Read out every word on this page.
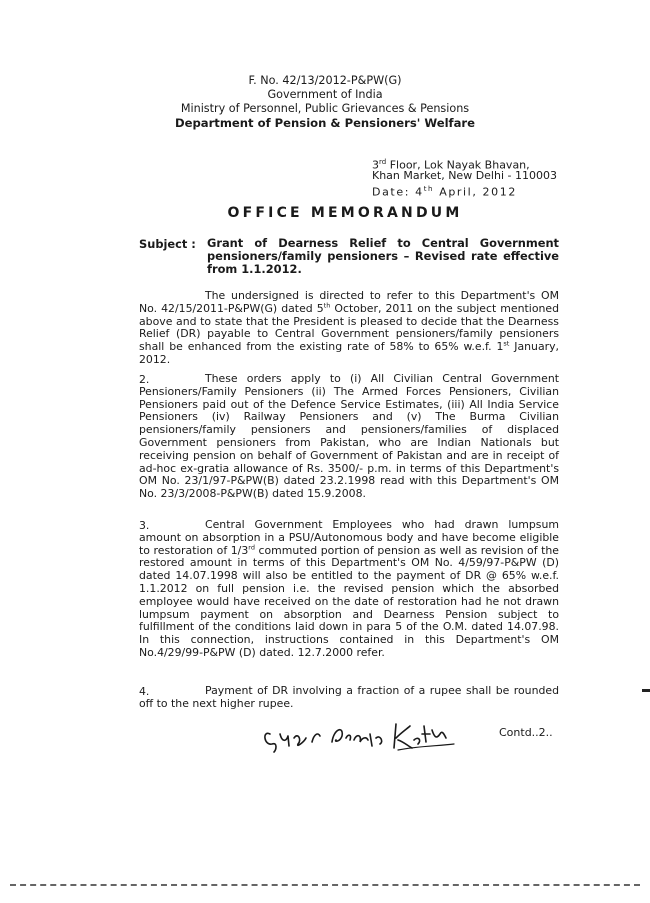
F. No. 42/13/2012-P&PW(G)
Government of India
Ministry of Personnel, Public Grievances & Pensions
Department of Pension & Pensioners' Welfare
3rd Floor, Lok Nayak Bhavan,
Khan Market, New Delhi - 110003
Date: 4th April, 2012
OFFICE MEMORANDUM
Subject : Grant of Dearness Relief to Central Government pensioners/family pensioners – Revised rate effective from 1.1.2012.
The undersigned is directed to refer to this Department's OM No. 42/15/2011-P&PW(G) dated 5th October, 2011 on the subject mentioned above and to state that the President is pleased to decide that the Dearness Relief (DR) payable to Central Government pensioners/family pensioners shall be enhanced from the existing rate of 58% to 65% w.e.f. 1st January, 2012.
2.	These orders apply to (i) All Civilian Central Government Pensioners/Family Pensioners (ii) The Armed Forces Pensioners, Civilian Pensioners paid out of the Defence Service Estimates, (iii) All India Service Pensioners (iv) Railway Pensioners and (v) The Burma Civilian pensioners/family pensioners and pensioners/families of displaced Government pensioners from Pakistan, who are Indian Nationals but receiving pension on behalf of Government of Pakistan and are in receipt of ad-hoc ex-gratia allowance of Rs. 3500/- p.m. in terms of this Department's OM No. 23/1/97-P&PW(B) dated 23.2.1998 read with this Department's OM No. 23/3/2008-P&PW(B) dated 15.9.2008.
3.	Central Government Employees who had drawn lumpsum amount on absorption in a PSU/Autonomous body and have become eligible to restoration of 1/3rd commuted portion of pension as well as revision of the restored amount in terms of this Department's OM No. 4/59/97-P&PW (D) dated 14.07.1998 will also be entitled to the payment of DR @ 65% w.e.f. 1.1.2012 on full pension i.e. the revised pension which the absorbed employee would have received on the date of restoration had he not drawn lumpsum payment on absorption and Dearness Pension subject to fulfillment of the conditions laid down in para 5 of the O.M. dated 14.07.98. In this connection, instructions contained in this Department's OM No.4/29/99-P&PW (D) dated. 12.7.2000 refer.
4.	Payment of DR involving a fraction of a rupee shall be rounded off to the next higher rupee.
Contd..2..
